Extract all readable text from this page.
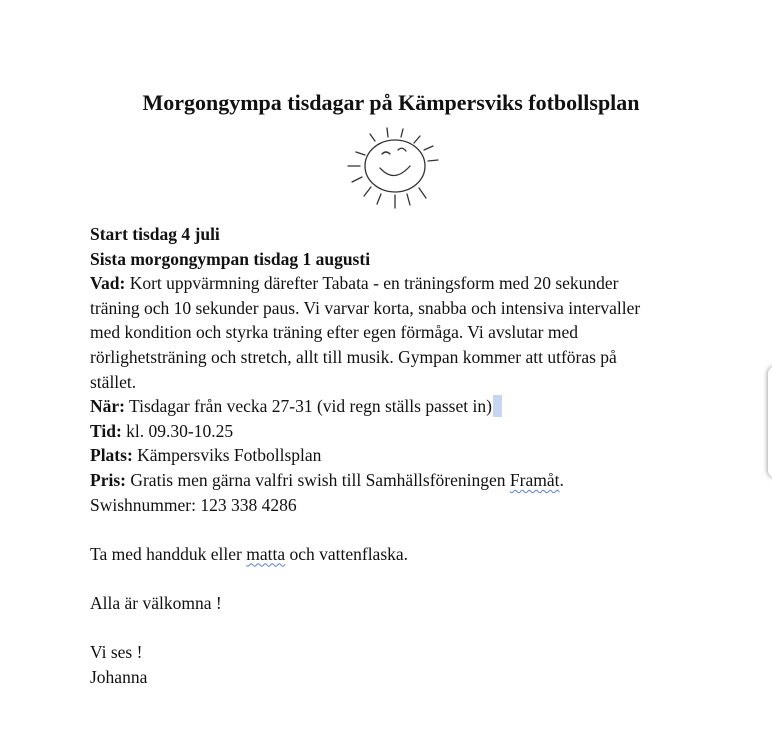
Morgongympa tisdagar på Kämpersviks fotbollsplan
Start tisdag 4 juli
Sista morgongympan tisdag 1 augusti
Vad: Kort uppvärmning därefter Tabata - en träningsform med 20 sekunder
träning och 10 sekunder paus. Vi varvar korta, snabba och intensiva intervaller
med kondition och styrka träning efter egen förmåga. Vi avslutar med
rörlighetsträning och stretch, allt till musik. Gympan kommer att utföras på
stället.
När: Tisdagar från vecka 27-31 (vid regn ställs passet in)
Tid: kl. 09.30-10.25
Plats: Kämpersviks Fotbollsplan
Pris: Gratis men gärna valfri swish till Samhällsföreningen Framåt.
Swishnummer: 123 338 4286
Ta med handduk eller matta och vattenflaska.
Alla är välkomna !
Vi ses !
Johanna
